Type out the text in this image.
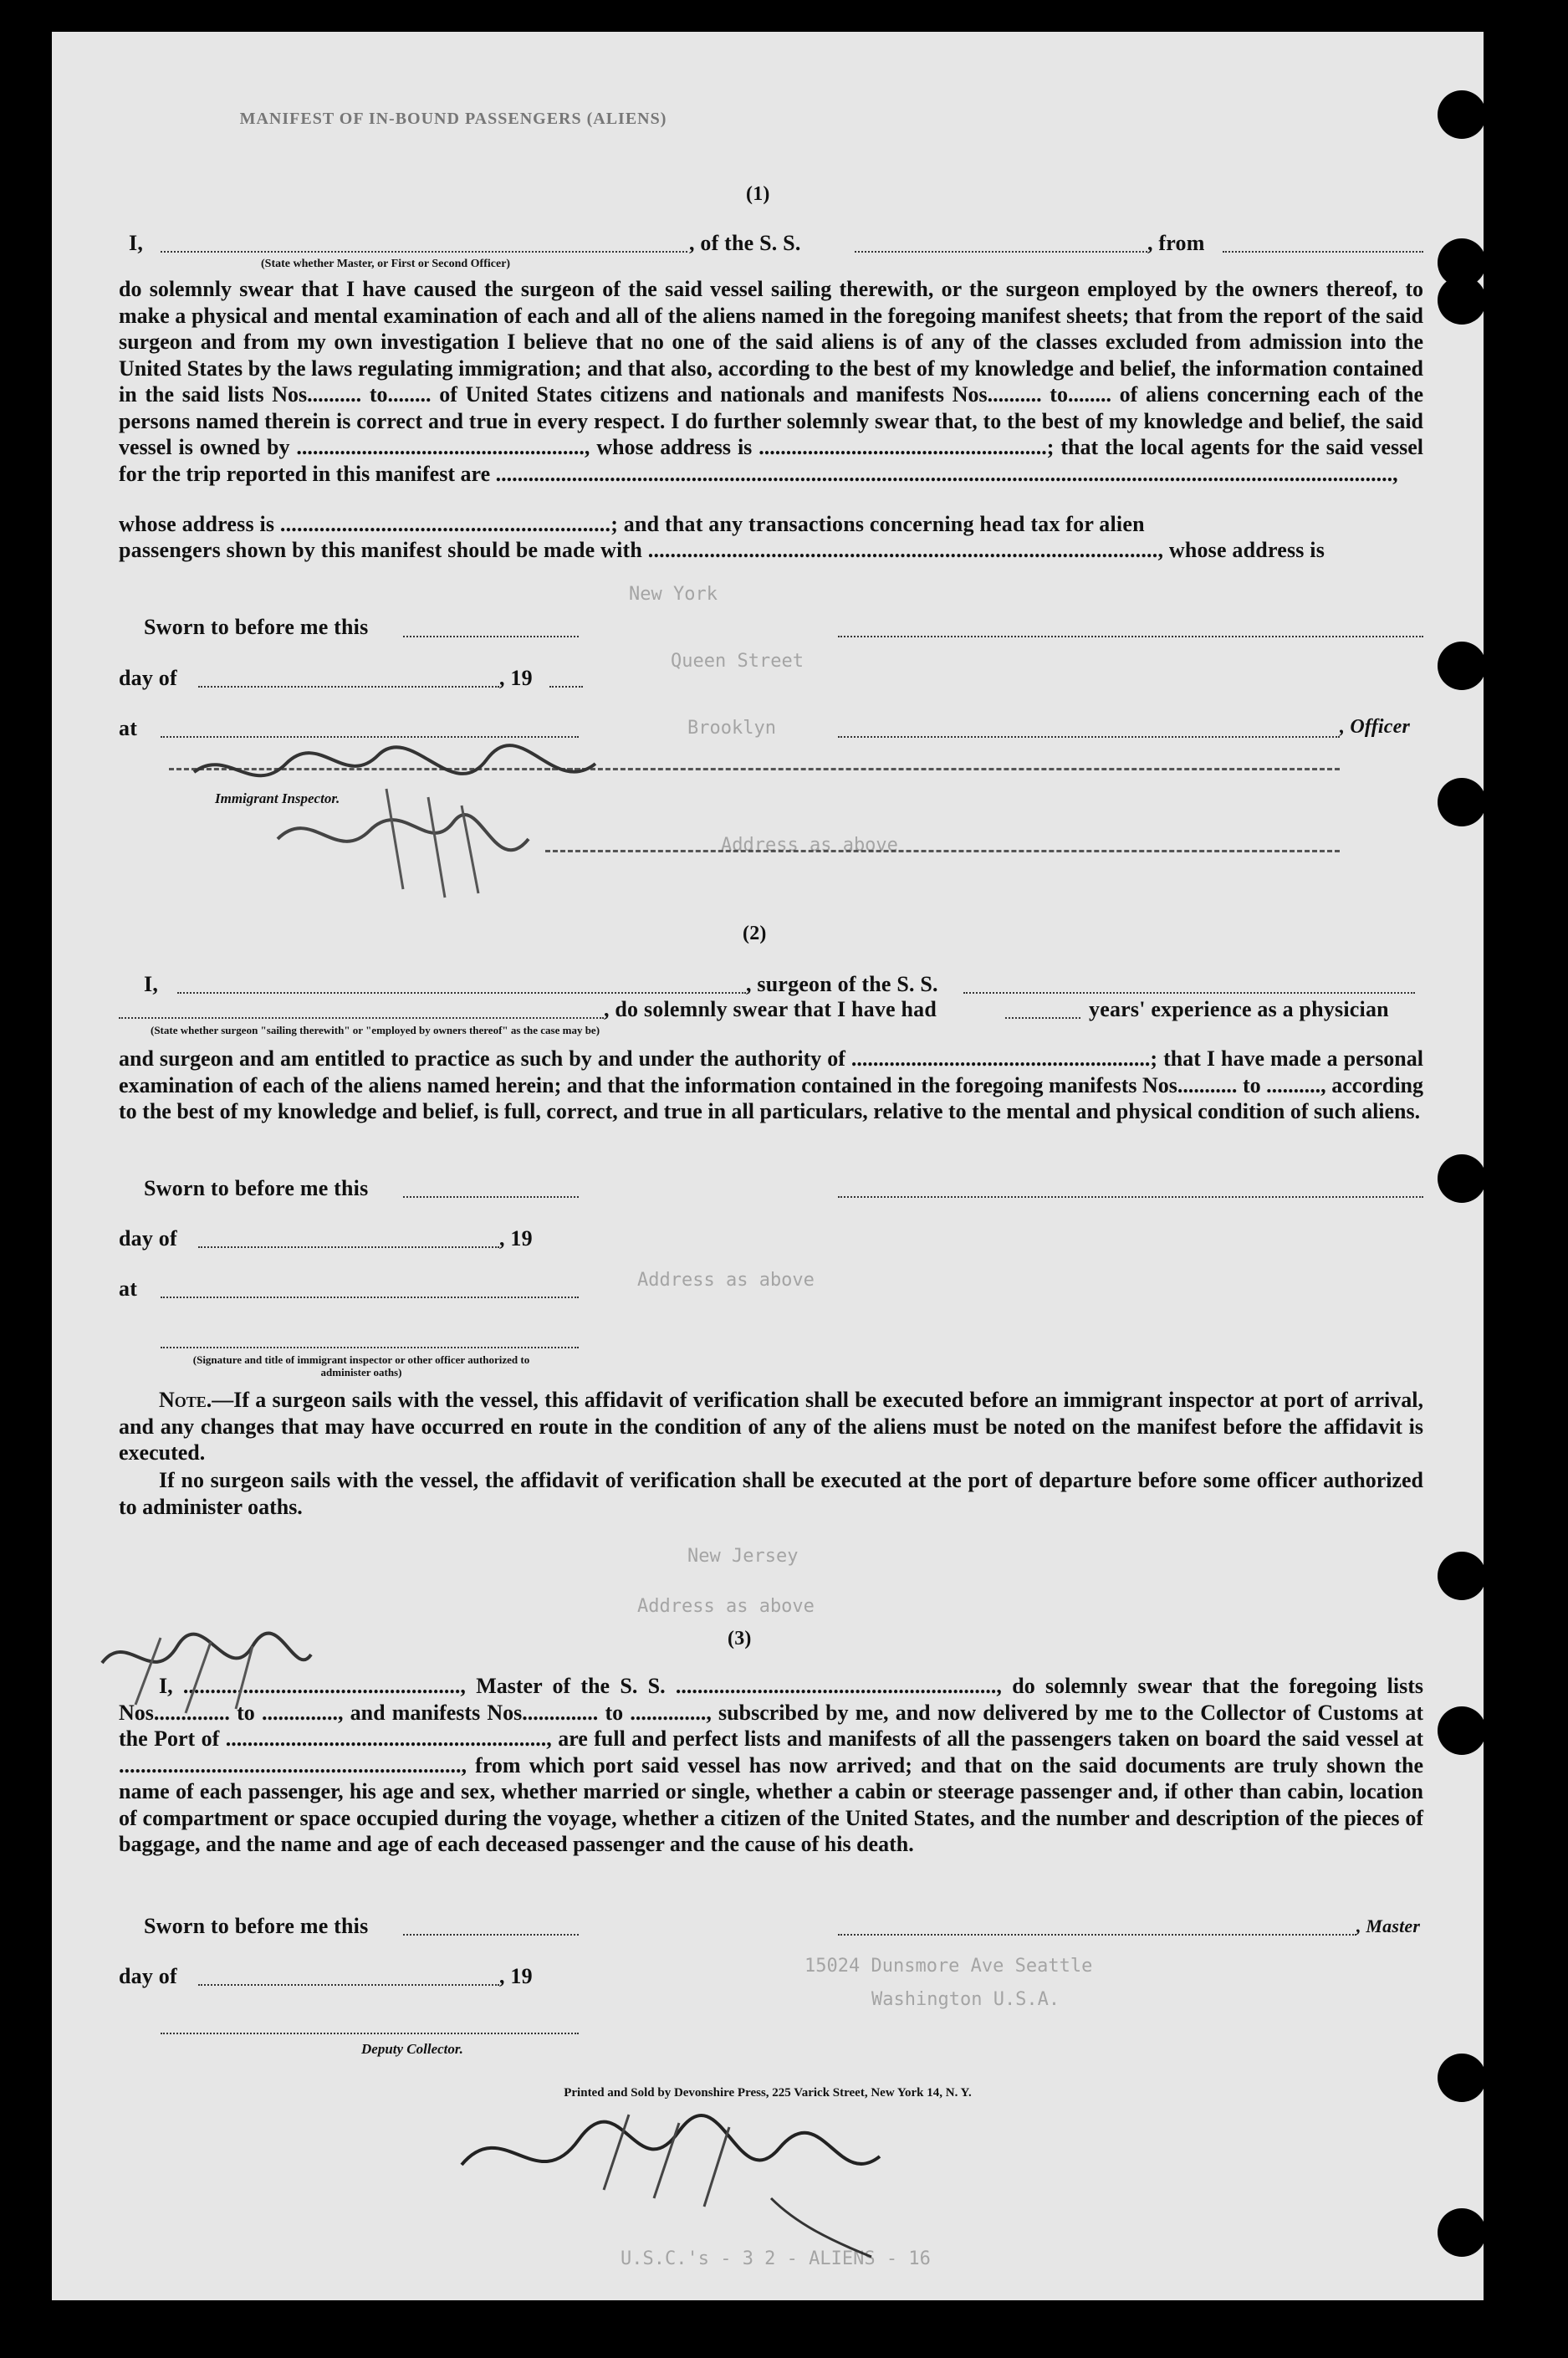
MANIFEST OF IN-BOUND PASSENGERS (ALIENS)
(1)
I,
(State whether Master, or First or Second Officer)
, of the S. S.	, from
do solemnly swear that I have caused the surgeon of the said vessel sailing therewith, or the surgeon employed by the owners thereof, to make a physical and mental examination of each and all of the aliens named in the foregoing manifest sheets; that from the report of the said surgeon and from my own investigation I believe that no one of the said aliens is of any of the classes excluded from admission into the United States by the laws regulating immigration; and that also, according to the best of my knowledge and belief, the information contained in the said lists Nos.......... to........ of United States citizens and nationals and manifests Nos.......... to........ of aliens concerning each of the persons named therein is correct and true in every respect. I do further solemnly swear that, to the best of my knowledge and belief, the said vessel is owned by ....................................................., whose address is .....................................................; that the local agents for the said vessel for the trip reported in this manifest are .....................................................................................................................................................................,
whose address is ...........................................................; and that any transactions concerning head tax for alien
passengers shown by this manifest should be made with ..........................................................................................., whose address is
Sworn to before me this
day of	, 19
at	, Officer
Immigrant Inspector.
New York
Queen Street
Brooklyn
Address as above
(2)
I,	, surgeon of the S. S.
, do solemnly swear that I have had	years' experience as a physician
(State whether surgeon "sailing therewith" or "employed by owners thereof" as the case may be)
and surgeon and am entitled to practice as such by and under the authority of .......................................................; that I have made a personal examination of each of the aliens named herein; and that the information contained in the foregoing manifests Nos........... to .........., according to the best of my knowledge and belief, is full, correct, and true in all particulars, relative to the mental and physical condition of such aliens.
Sworn to before me this
day of	, 19
at
(Signature and title of immigrant inspector or other officer authorized to administer oaths)
Note.—If a surgeon sails with the vessel, this affidavit of verification shall be executed before an immigrant inspector at port of arrival, and any changes that may have occurred en route in the condition of any of the aliens must be noted on the manifest before the affidavit is executed.
If no surgeon sails with the vessel, the affidavit of verification shall be executed at the port of departure before some officer authorized to administer oaths.
Address as above
New Jersey
Address as above
(3)
I, ..................................................., Master of the S. S. ..........................................................., do solemnly swear that the foregoing lists Nos.............. to .............., and manifests Nos.............. to .............., subscribed by me, and now delivered by me to the Collector of Customs at the Port of ..........................................................., are full and perfect lists and manifests of all the passengers taken on board the said vessel at ..............................................................., from which port said vessel has now arrived; and that on the said documents are truly shown the name of each passenger, his age and sex, whether married or single, whether a cabin or steerage passenger and, if other than cabin, location of compartment or space occupied during the voyage, whether a citizen of the United States, and the number and description of the pieces of baggage, and the name and age of each deceased passenger and the cause of his death.
Sworn to before me this	, Master
day of	, 19
Deputy Collector.
15024 Dunsmore Ave Seattle
Washington U.S.A.
Printed and Sold by Devonshire Press, 225 Varick Street, New York 14, N. Y.
U.S.C.'s - 3 2 - ALIENS - 16
